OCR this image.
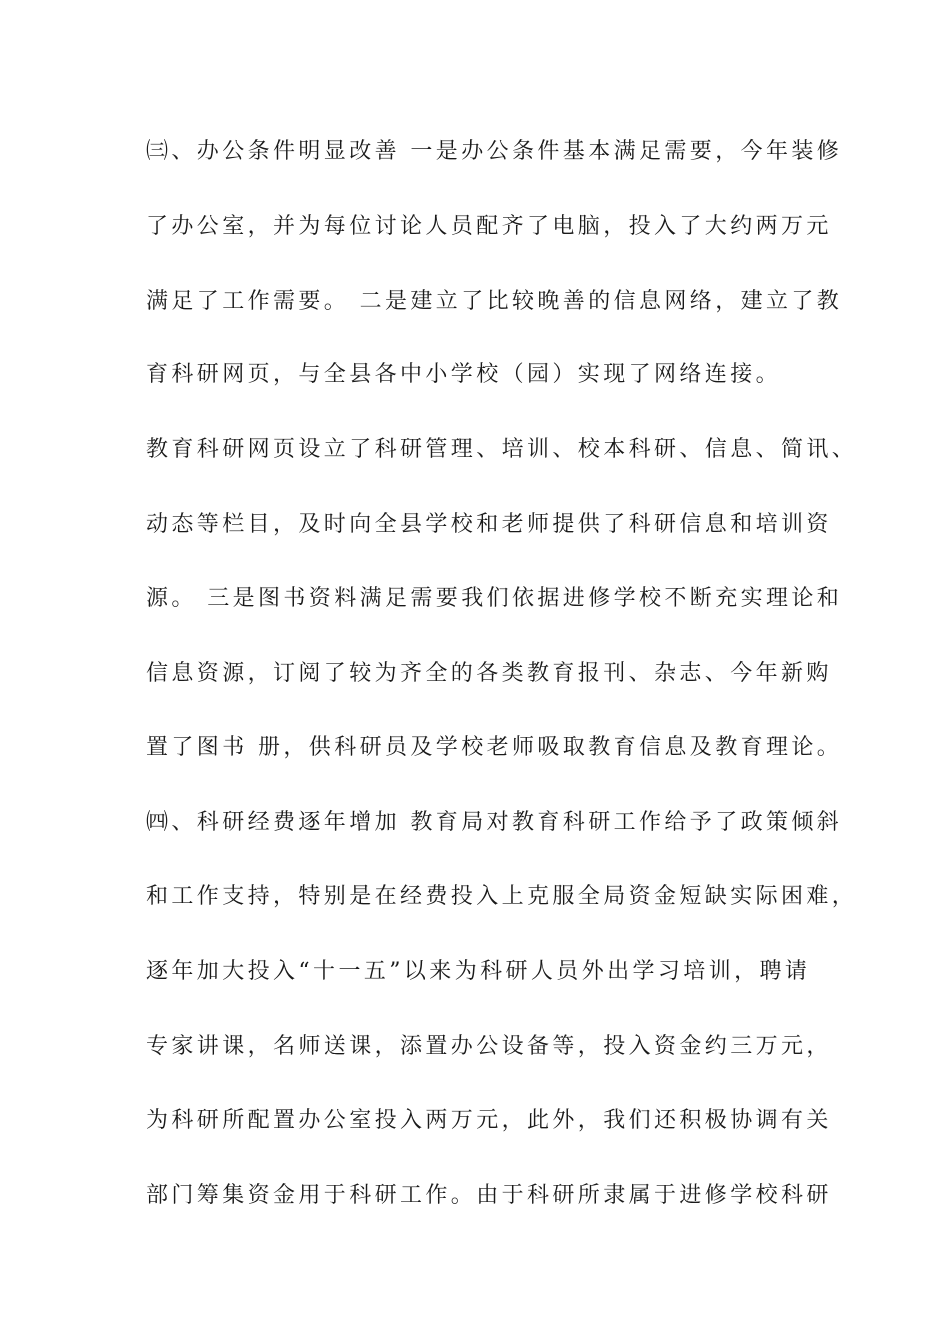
㈢、办公条件明显改善 一是办公条件基本满足需要，今年装修
了办公室，并为每位讨论人员配齐了电脑，投入了大约两万元
满足了工作需要。 二是建立了比较晚善的信息网络，建立了教
育科研网页，与全县各中小学校（园）实现了网络连接。
教育科研网页设立了科研管理、培训、校本科研、信息、简讯、
动态等栏目，及时向全县学校和老师提供了科研信息和培训资
源。 三是图书资料满足需要我们依据进修学校不断充实理论和
信息资源，订阅了较为齐全的各类教育报刊、杂志、今年新购
置了图书 册，供科研员及学校老师吸取教育信息及教育理论。
㈣、科研经费逐年增加 教育局对教育科研工作给予了政策倾斜
和工作支持，特别是在经费投入上克服全局资金短缺实际困难，
逐年加大投入“十一五”以来为科研人员外出学习培训，聘请
专家讲课，名师送课，添置办公设备等，投入资金约三万元，
为科研所配置办公室投入两万元，此外，我们还积极协调有关
部门筹集资金用于科研工作。由于科研所隶属于进修学校科研
